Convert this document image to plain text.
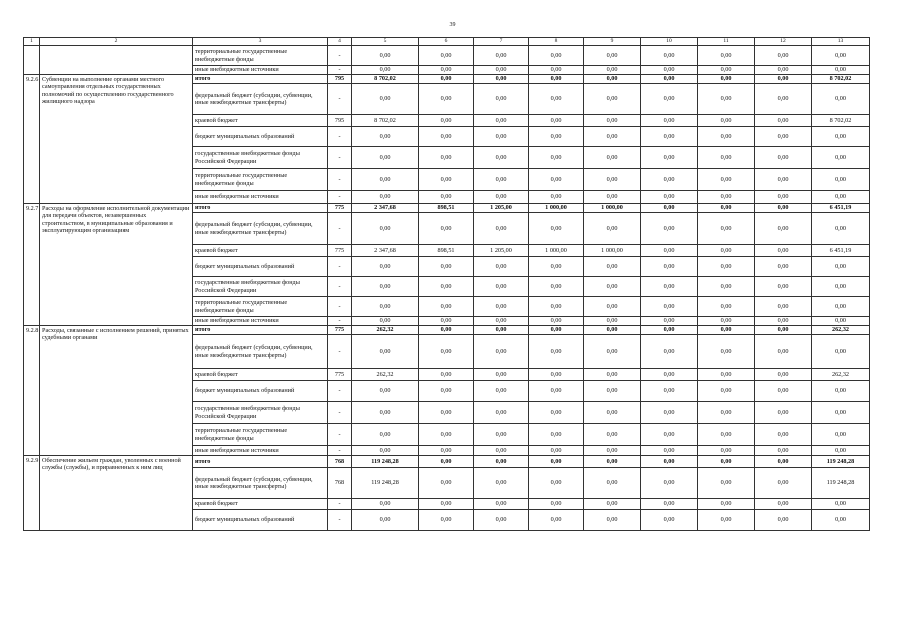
39
1	2	3	4	5	6	7	8	9	10	11	12	13
		территориальные государственные внебюджетные фонды	-	0,00	0,00	0,00	0,00	0,00	0,00	0,00	0,00	0,00
		иные внебюджетные источники	-	0,00	0,00	0,00	0,00	0,00	0,00	0,00	0,00	0,00
9.2.6	Субвенции на выполнение органами местного самоуправления отдельных государственных полномочий по осуществлению государственного жилищного надзора	итого	795	8 702,02	0,00	0,00	0,00	0,00	0,00	0,00	0,00	8 702,02
		федеральный бюджет (субсидии, субвенции, иные межбюджетные трансферты)	-	0,00	0,00	0,00	0,00	0,00	0,00	0,00	0,00	0,00
		краевой бюджет	795	8 702,02	0,00	0,00	0,00	0,00	0,00	0,00	0,00	8 702,02
		бюджет муниципальных образований	-	0,00	0,00	0,00	0,00	0,00	0,00	0,00	0,00	0,00
		государственные внебюджетные фонды Российской Федерации	-	0,00	0,00	0,00	0,00	0,00	0,00	0,00	0,00	0,00
		территориальные государственные внебюджетные фонды	-	0,00	0,00	0,00	0,00	0,00	0,00	0,00	0,00	0,00
		иные внебюджетные источники	-	0,00	0,00	0,00	0,00	0,00	0,00	0,00	0,00	0,00
9.2.7	Расходы на оформление исполнительной документации для передачи объектов, незавершенных строительством, в муниципальные образования и эксплуатирующим организациям	итого	775	2 347,68	898,51	1 205,00	1 000,00	1 000,00	0,00	0,00	0,00	6 451,19
		федеральный бюджет (субсидии, субвенции, иные межбюджетные трансферты)	-	0,00	0,00	0,00	0,00	0,00	0,00	0,00	0,00	0,00
		краевой бюджет	775	2 347,68	898,51	1 205,00	1 000,00	1 000,00	0,00	0,00	0,00	6 451,19
		бюджет муниципальных образований	-	0,00	0,00	0,00	0,00	0,00	0,00	0,00	0,00	0,00
		государственные внебюджетные фонды Российской Федерации	-	0,00	0,00	0,00	0,00	0,00	0,00	0,00	0,00	0,00
		территориальные государственные внебюджетные фонды	-	0,00	0,00	0,00	0,00	0,00	0,00	0,00	0,00	0,00
		иные внебюджетные источники	-	0,00	0,00	0,00	0,00	0,00	0,00	0,00	0,00	0,00
9.2.8	Расходы, связанные с исполнением решений, принятых судебными органами	итого	775	262,32	0,00	0,00	0,00	0,00	0,00	0,00	0,00	262,32
		федеральный бюджет (субсидии, субвенции, иные межбюджетные трансферты)	-	0,00	0,00	0,00	0,00	0,00	0,00	0,00	0,00	0,00
		краевой бюджет	775	262,32	0,00	0,00	0,00	0,00	0,00	0,00	0,00	262,32
		бюджет муниципальных образований	-	0,00	0,00	0,00	0,00	0,00	0,00	0,00	0,00	0,00
		государственные внебюджетные фонды Российской Федерации	-	0,00	0,00	0,00	0,00	0,00	0,00	0,00	0,00	0,00
		территориальные государственные внебюджетные фонды	-	0,00	0,00	0,00	0,00	0,00	0,00	0,00	0,00	0,00
		иные внебюджетные источники	-	0,00	0,00	0,00	0,00	0,00	0,00	0,00	0,00	0,00
9.2.9	Обеспечение жильем граждан, уволенных с военной службы (службы), и приравненных к ним лиц	итого	768	119 248,28	0,00	0,00	0,00	0,00	0,00	0,00	0,00	119 248,28
		федеральный бюджет (субсидии, субвенции, иные межбюджетные трансферты)	768	119 248,28	0,00	0,00	0,00	0,00	0,00	0,00	0,00	119 248,28
		краевой бюджет	-	0,00	0,00	0,00	0,00	0,00	0,00	0,00	0,00	0,00
		бюджет муниципальных образований	-	0,00	0,00	0,00	0,00	0,00	0,00	0,00	0,00	0,00
